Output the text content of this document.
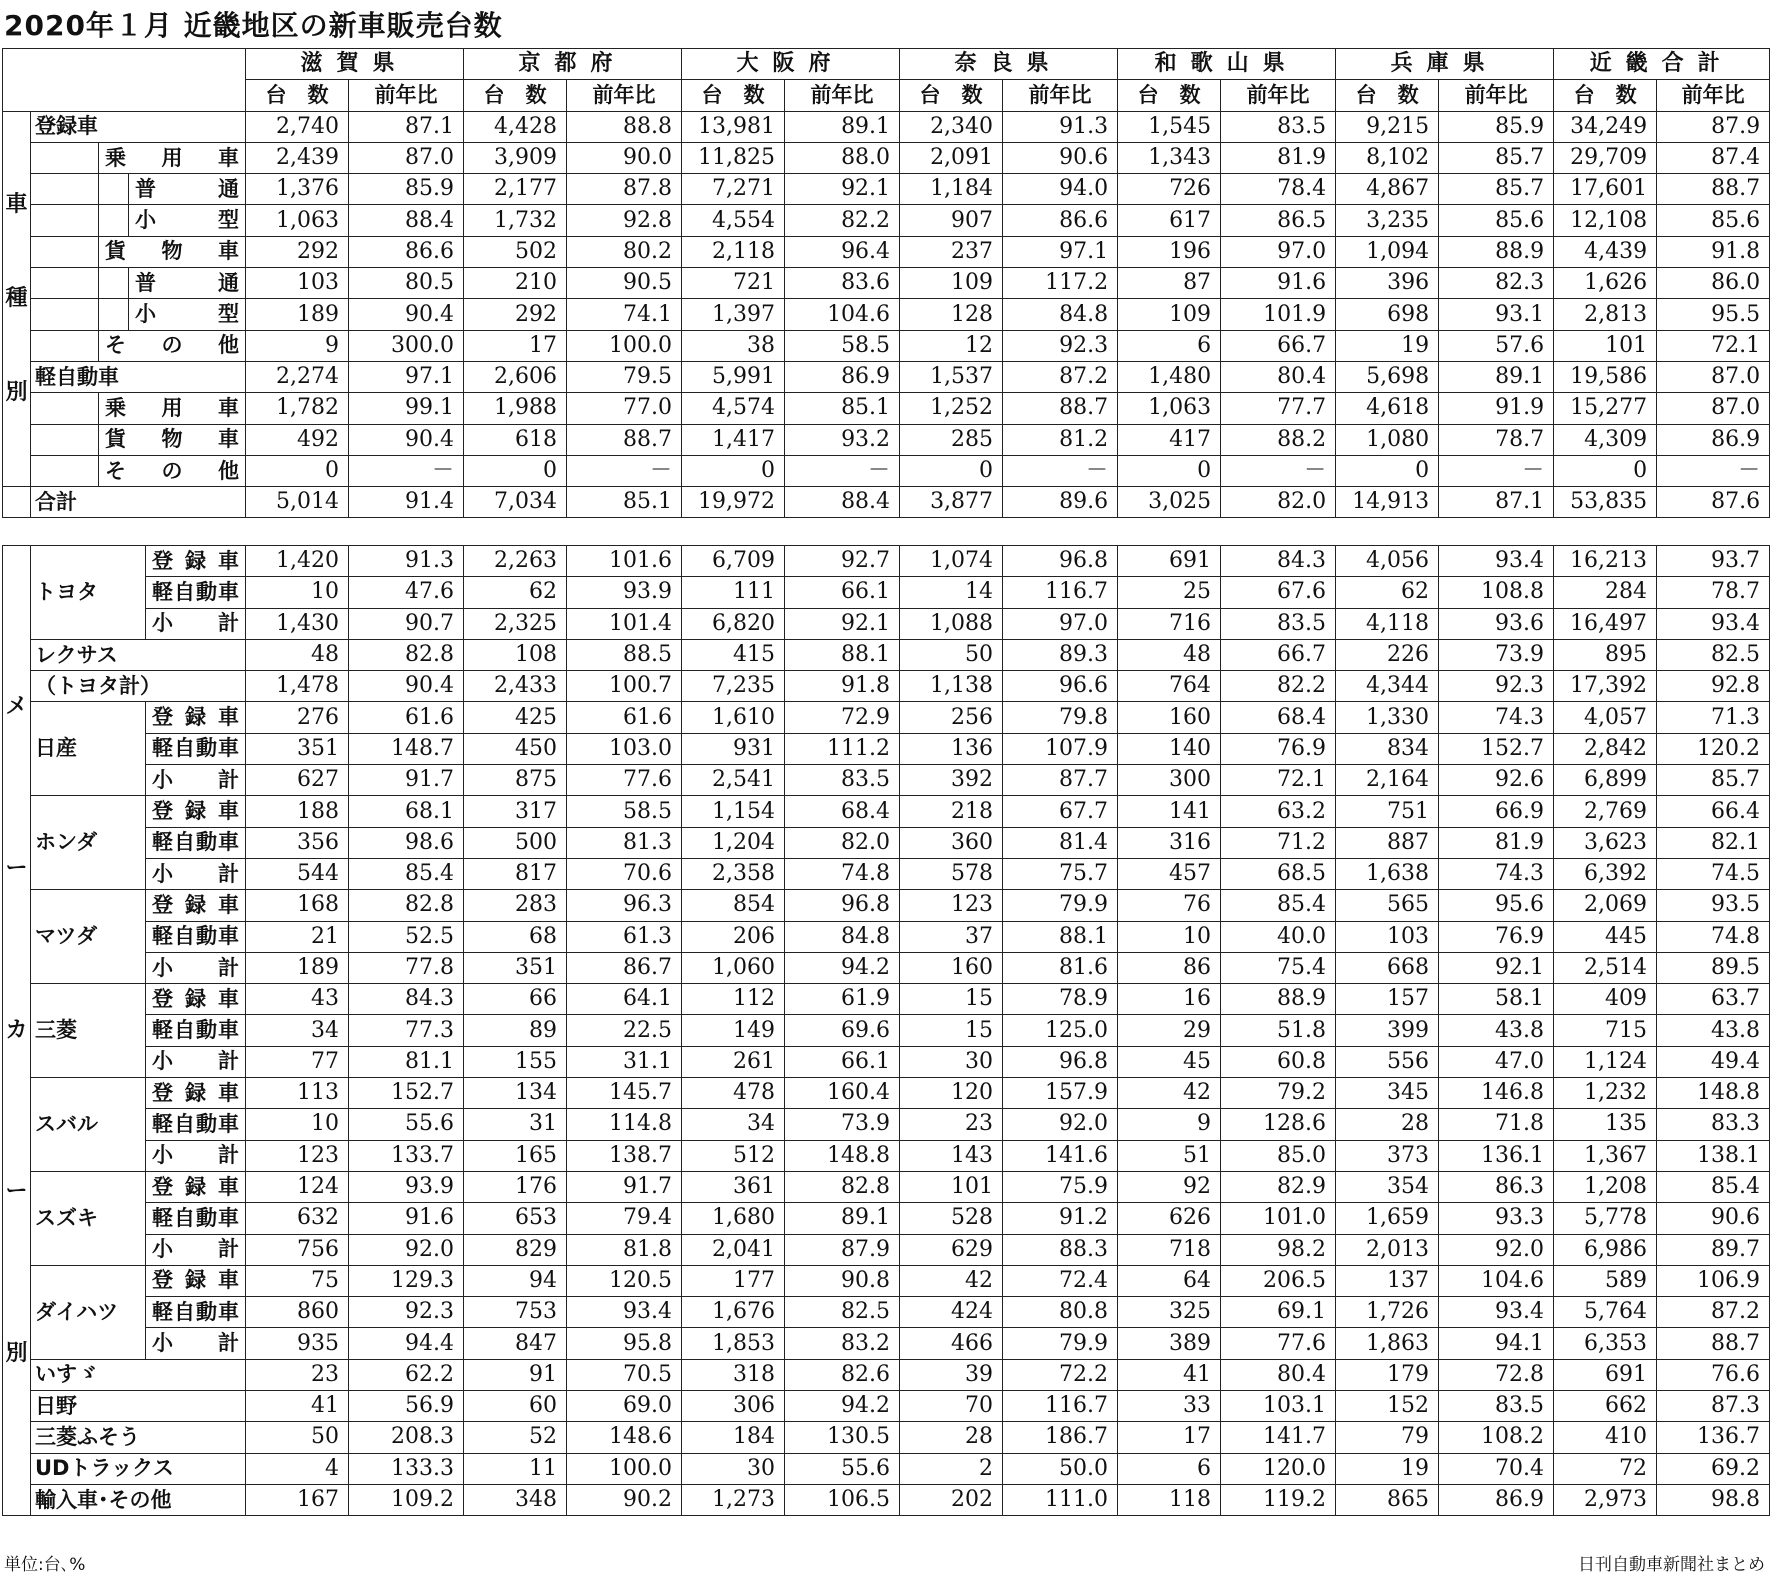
2020年１月 近畿地区の新車販売台数
				滋賀県		京都府		大阪府		奈良県		和歌山県		兵庫県		近畿合計	
				台　数	前年比	台　数	前年比	台　数	前年比	台　数	前年比	台　数	前年比	台　数	前年比	台　数	前年比

車
種
別	登録車			2,740	87.1	4,428	88.8	13,981	89.1	2,340	91.3	1,545	83.5	9,215	85.9	34,249	87.9
		乗用車		2,439	87.0	3,909	90.0	11,825	88.0	2,091	90.6	1,343	81.9	8,102	85.7	29,709	87.4
			普通	1,376	85.9	2,177	87.8	7,271	92.1	1,184	94.0	726	78.4	4,867	85.7	17,601	88.7
			小型	1,063	88.4	1,732	92.8	4,554	82.2	907	86.6	617	86.5	3,235	85.6	12,108	85.6
		貨物車		292	86.6	502	80.2	2,118	96.4	237	97.1	196	97.0	1,094	88.9	4,439	91.8
			普通	103	80.5	210	90.5	721	83.6	109	117.2	87	91.6	396	82.3	1,626	86.0
			小型	189	90.4	292	74.1	1,397	104.6	128	84.8	109	101.9	698	93.1	2,813	95.5
		その他		9	300.0	17	100.0	38	58.5	12	92.3	6	66.7	19	57.6	101	72.1
	軽自動車			2,274	97.1	2,606	79.5	5,991	86.9	1,537	87.2	1,480	80.4	5,698	89.1	19,586	87.0
		乗用車		1,782	99.1	1,988	77.0	4,574	85.1	1,252	88.7	1,063	77.7	4,618	91.9	15,277	87.0
		貨物車		492	90.4	618	88.7	1,417	93.2	285	81.2	417	88.2	1,080	78.7	4,309	86.9
		その他		0	－	0	－	0	－	0	－	0	－	0	－	0	－
	合計			5,014	91.4	7,034	85.1	19,972	88.4	3,877	89.6	3,025	82.0	14,913	87.1	53,835	87.6
メ
ー
カ
ー
別	トヨタ	登録車	1,420	91.3	2,263	101.6	6,709	92.7	1,074	96.8	691	84.3	4,056	93.4	16,213	93.7
		軽自動車	10	47.6	62	93.9	111	66.1	14	116.7	25	67.6	62	108.8	284	78.7
		小計	1,430	90.7	2,325	101.4	6,820	92.1	1,088	97.0	716	83.5	4,118	93.6	16,497	93.4
	レクサス		48	82.8	108	88.5	415	88.1	50	89.3	48	66.7	226	73.9	895	82.5
	（トヨタ計）		1,478	90.4	2,433	100.7	7,235	91.8	1,138	96.6	764	82.2	4,344	92.3	17,392	92.8
	日産	登録車	276	61.6	425	61.6	1,610	72.9	256	79.8	160	68.4	1,330	74.3	4,057	71.3
		軽自動車	351	148.7	450	103.0	931	111.2	136	107.9	140	76.9	834	152.7	2,842	120.2
		小計	627	91.7	875	77.6	2,541	83.5	392	87.7	300	72.1	2,164	92.6	6,899	85.7
	ホンダ	登録車	188	68.1	317	58.5	1,154	68.4	218	67.7	141	63.2	751	66.9	2,769	66.4
		軽自動車	356	98.6	500	81.3	1,204	82.0	360	81.4	316	71.2	887	81.9	3,623	82.1
		小計	544	85.4	817	70.6	2,358	74.8	578	75.7	457	68.5	1,638	74.3	6,392	74.5
	マツダ	登録車	168	82.8	283	96.3	854	96.8	123	79.9	76	85.4	565	95.6	2,069	93.5
		軽自動車	21	52.5	68	61.3	206	84.8	37	88.1	10	40.0	103	76.9	445	74.8
		小計	189	77.8	351	86.7	1,060	94.2	160	81.6	86	75.4	668	92.1	2,514	89.5
	三菱	登録車	43	84.3	66	64.1	112	61.9	15	78.9	16	88.9	157	58.1	409	63.7
		軽自動車	34	77.3	89	22.5	149	69.6	15	125.0	29	51.8	399	43.8	715	43.8
		小計	77	81.1	155	31.1	261	66.1	30	96.8	45	60.8	556	47.0	1,124	49.4
	スバル	登録車	113	152.7	134	145.7	478	160.4	120	157.9	42	79.2	345	146.8	1,232	148.8
		軽自動車	10	55.6	31	114.8	34	73.9	23	92.0	9	128.6	28	71.8	135	83.3
		小計	123	133.7	165	138.7	512	148.8	143	141.6	51	85.0	373	136.1	1,367	138.1
	スズキ	登録車	124	93.9	176	91.7	361	82.8	101	75.9	92	82.9	354	86.3	1,208	85.4
		軽自動車	632	91.6	653	79.4	1,680	89.1	528	91.2	626	101.0	1,659	93.3	5,778	90.6
		小計	756	92.0	829	81.8	2,041	87.9	629	88.3	718	98.2	2,013	92.0	6,986	89.7
	ダイハツ	登録車	75	129.3	94	120.5	177	90.8	42	72.4	64	206.5	137	104.6	589	106.9
		軽自動車	860	92.3	753	93.4	1,676	82.5	424	80.8	325	69.1	1,726	93.4	5,764	87.2
		小計	935	94.4	847	95.8	1,853	83.2	466	79.9	389	77.6	1,863	94.1	6,353	88.7
	いすゞ		23	62.2	91	70.5	318	82.6	39	72.2	41	80.4	179	72.8	691	76.6
	日野		41	56.9	60	69.0	306	94.2	70	116.7	33	103.1	152	83.5	662	87.3
	三菱ふそう		50	208.3	52	148.6	184	130.5	28	186.7	17	141.7	79	108.2	410	136.7
	UDトラックス		4	133.3	11	100.0	30	55.6	2	50.0	6	120.0	19	70.4	72	69.2
	輸入車･その他		167	109.2	348	90.2	1,273	106.5	202	111.0	118	119.2	865	86.9	2,973	98.8
単位:台､%	日刊自動車新聞社まとめ
